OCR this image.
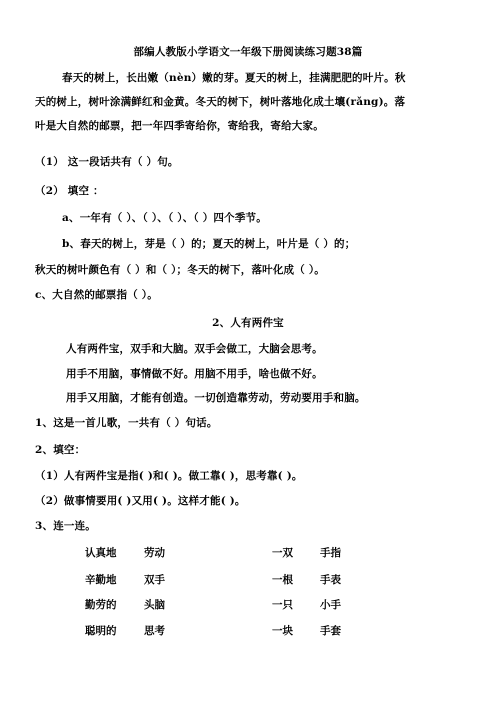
部编人教版小学语文一年级下册阅读练习题38篇

春天的树上，长出嫩（nèn）嫩的芽。夏天的树上，挂满肥肥的叶片。秋

天的树上，树叶涂满鲜红和金黄。冬天的树下，树叶落地化成土壤(rǎng)。落

叶是大自然的邮票，把一年四季寄给你，寄给我，寄给大家。

（1） 这一段话共有（ ）句。

（2） 填空 ：

a、一年有（ ）、（ ）、（ ）、（ ）四个季节。

b、春天的树上，芽是（ ）的；夏天的树上，叶片是（ ）的；

秋天的树叶颜色有（ ）和（ ）；冬天的树下，落叶化成（ ）。

c、大自然的邮票指（ ）。

2、人有两件宝

人有两件宝，双手和大脑。双手会做工，大脑会思考。

用手不用脑，事情做不好。用脑不用手，啥也做不好。

用手又用脑，才能有创造。一切创造靠劳动，劳动要用手和脑。

1、这是一首儿歌，一共有（ ）句话。

2、填空：

（1）人有两件宝是指( )和( )。做工靠( )，思考靠( )。

（2）做事情要用( )又用( )。这样才能( )。

3、连一连。

认真地	劳动	一双	手指

辛勤地	双手	一根	手表

勤劳的	头脑	一只	小手

聪明的	思考	一块	手套
